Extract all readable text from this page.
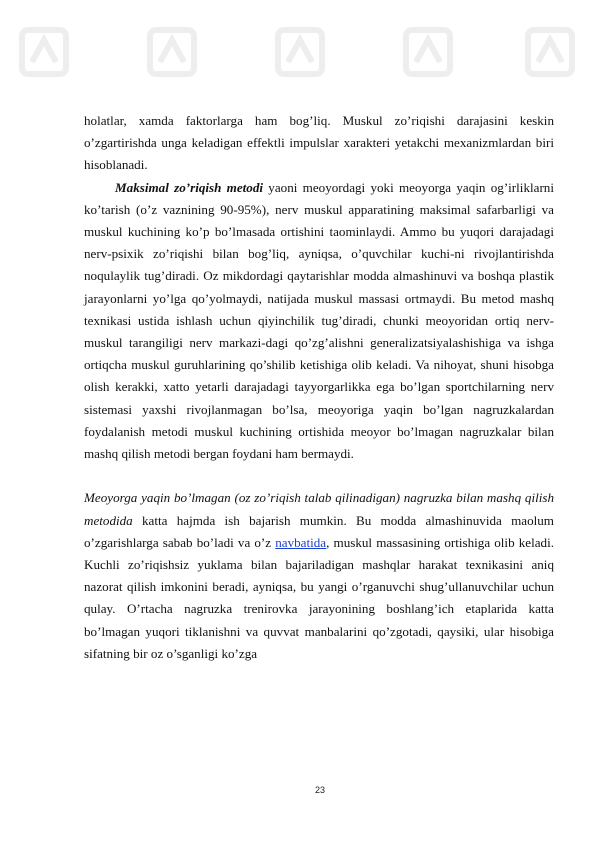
holatlar, xamda faktorlarga ham bog’liq. Muskul zo’riqishi darajasini keskin o’zgartirishda unga keladigan effektli impulslar xarakteri yetakchi mexanizmlardan biri hisoblanadi.

Maksimal zo’riqish metodi yaoni meoyordagi yoki meoyorga yaqin og’irliklarni ko’tarish (o’z vaznining 90-95%), nerv muskul apparatining maksimal safarbarligi va muskul kuchining ko’p bo’lmasada ortishini taominlaydi. Ammo bu yuqori darajadagi nerv-psixik zo’riqishi bilan bog’liq, ayniqsa, o’quvchilar kuchi-ni rivojlantirishda noqulaylik tug’diradi. Oz mikdordagi qaytarishlar modda almashinuvi va boshqa plastik jarayonlarni yo’lga qo’yolmaydi, natijada muskul massasi ortmaydi. Bu metod mashq texnikasi ustida ishlash uchun qiyinchilik tug’diradi, chunki meoyoridan ortiq nerv-muskul tarangiligi nerv markazi-dagi qo’zg’alishni generalizatsiyalashishiga va ishga ortiqcha muskul guruhlarining qo’shilib ketishiga olib keladi. Va nihoyat, shuni hisobga olish kerakki, xatto yetarli darajadagi tayyorgarlikka ega bo’lgan sportchilarning nerv sistemasi yaxshi rivojlanmagan bo’lsa, meoyoriga yaqin bo’lgan nagruzkalardan foydalanish metodi muskul kuchining ortishida meoyor bo’lmagan nagruzkalar bilan mashq qilish metodi bergan foydani ham bermaydi.

Meoyorga yaqin bo’lmagan (oz zo’riqish talab qilinadigan) nagruzka bilan mashq qilish metodida katta hajmda ish bajarish mumkin. Bu modda almashinuvida maolum o’zgarishlarga sabab bo’ladi va o’z navbatida, muskul massasining ortishiga olib keladi. Kuchli zo’riqishsiz yuklama bilan bajariladigan mashqlar harakat texnikasini aniq nazorat qilish imkonini beradi, ayniqsa, bu yangi o’rganuvchi shug’ullanuvchilar uchun qulay. O’rtacha nagruzka trenirovka jarayonining boshlang’ich etaplarida katta bo’lmagan yuqori tiklanishni va quvvat manbalarini qo’zgotadi, qaysiki, ular hisobiga sifatning bir oz o’sganligi ko’zga

23
